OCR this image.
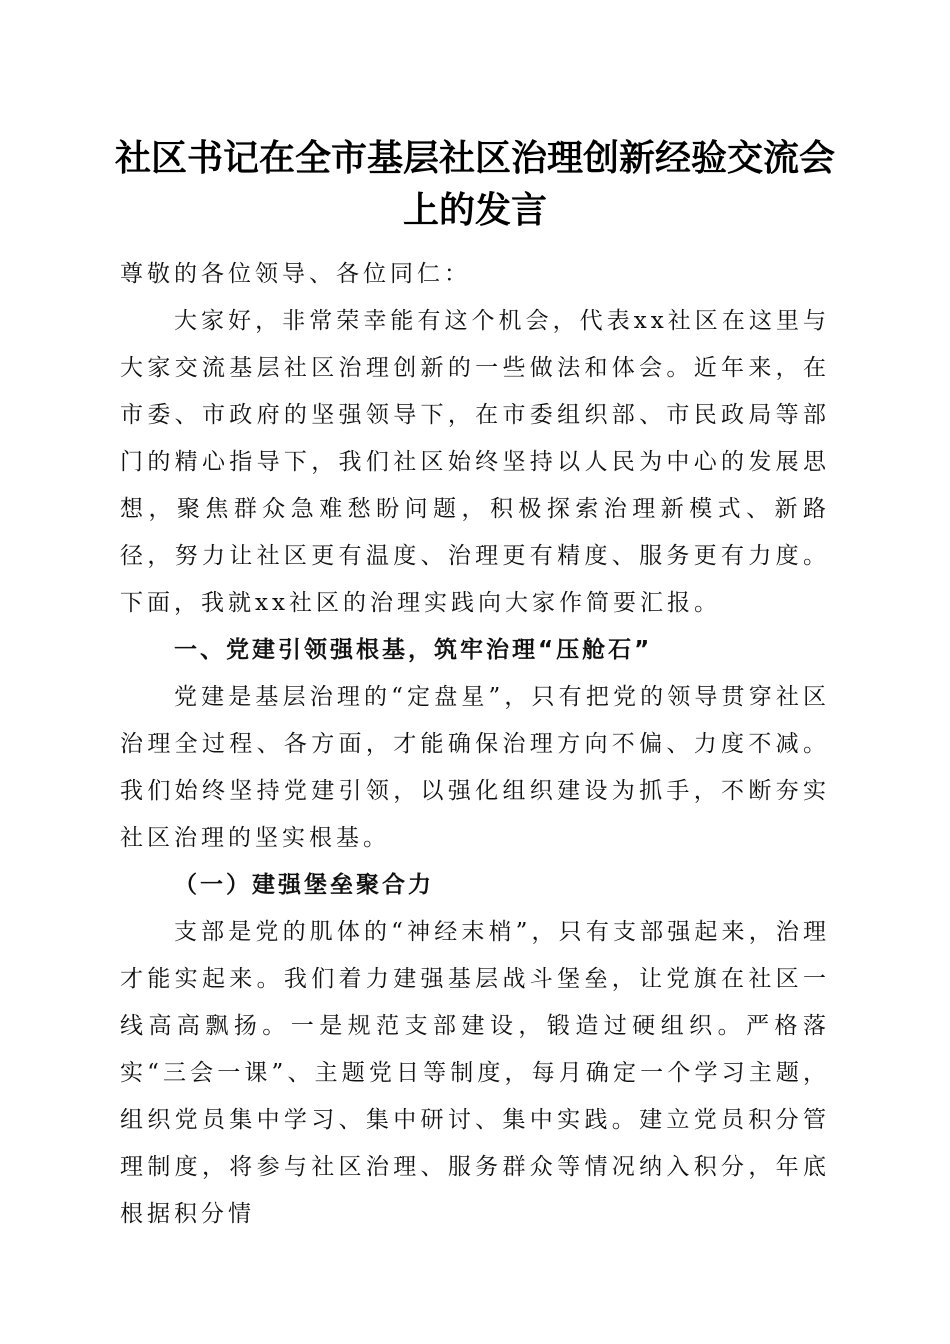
社区书记在全市基层社区治理创新经验交流会上的发言

尊敬的各位领导、各位同仁：

大家好，非常荣幸能有这个机会，代表xx社区在这里与大家交流基层社区治理创新的一些做法和体会。近年来，在市委、市政府的坚强领导下，在市委组织部、市民政局等部门的精心指导下，我们社区始终坚持以人民为中心的发展思想，聚焦群众急难愁盼问题，积极探索治理新模式、新路径，努力让社区更有温度、治理更有精度、服务更有力度。下面，我就xx社区的治理实践向大家作简要汇报。

一、党建引领强根基，筑牢治理“压舱石”

党建是基层治理的“定盘星”，只有把党的领导贯穿社区治理全过程、各方面，才能确保治理方向不偏、力度不减。我们始终坚持党建引领，以强化组织建设为抓手，不断夯实社区治理的坚实根基。

（一）建强堡垒聚合力

支部是党的肌体的“神经末梢”，只有支部强起来，治理才能实起来。我们着力建强基层战斗堡垒，让党旗在社区一线高高飘扬。一是规范支部建设，锻造过硬组织。严格落实“三会一课”、主题党日等制度，每月确定一个学习主题，组织党员集中学习、集中研讨、集中实践。建立党员积分管理制度，将参与社区治理、服务群众等情况纳入积分，年底根据积分情
